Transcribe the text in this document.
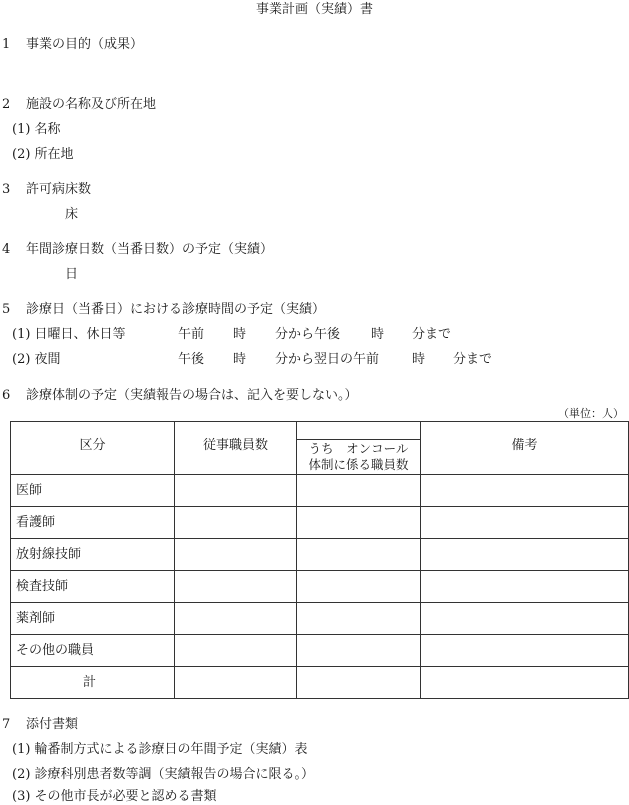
事業計画（実績）書
1 事業の目的（成果）
2 施設の名称及び所在地
(1) 名称
(2) 所在地
3 許可病床数
床
4 年間診療日数（当番日数）の予定（実績）
日
5 診療日（当番日）における診療時間の予定（実績）
(1) 日曜日、休日等	午前 時 分から午後 時 分まで
(2) 夜間	午後 時 分から翌日の午前	時 分まで
6 診療体制の予定（実績報告の場合は、記入を要しない。）
（単位：人）
区分	従事職員数	うち　オンコール
体制に係る職員数	備考

医師			
看護師			
放射線技師			
検査技師			
薬剤師			
その他の職員			
計			
7 添付書類
(1) 輪番制方式による診療日の年間予定（実績）表
(2) 診療科別患者数等調（実績報告の場合に限る。）
(3) その他市長が必要と認める書類
